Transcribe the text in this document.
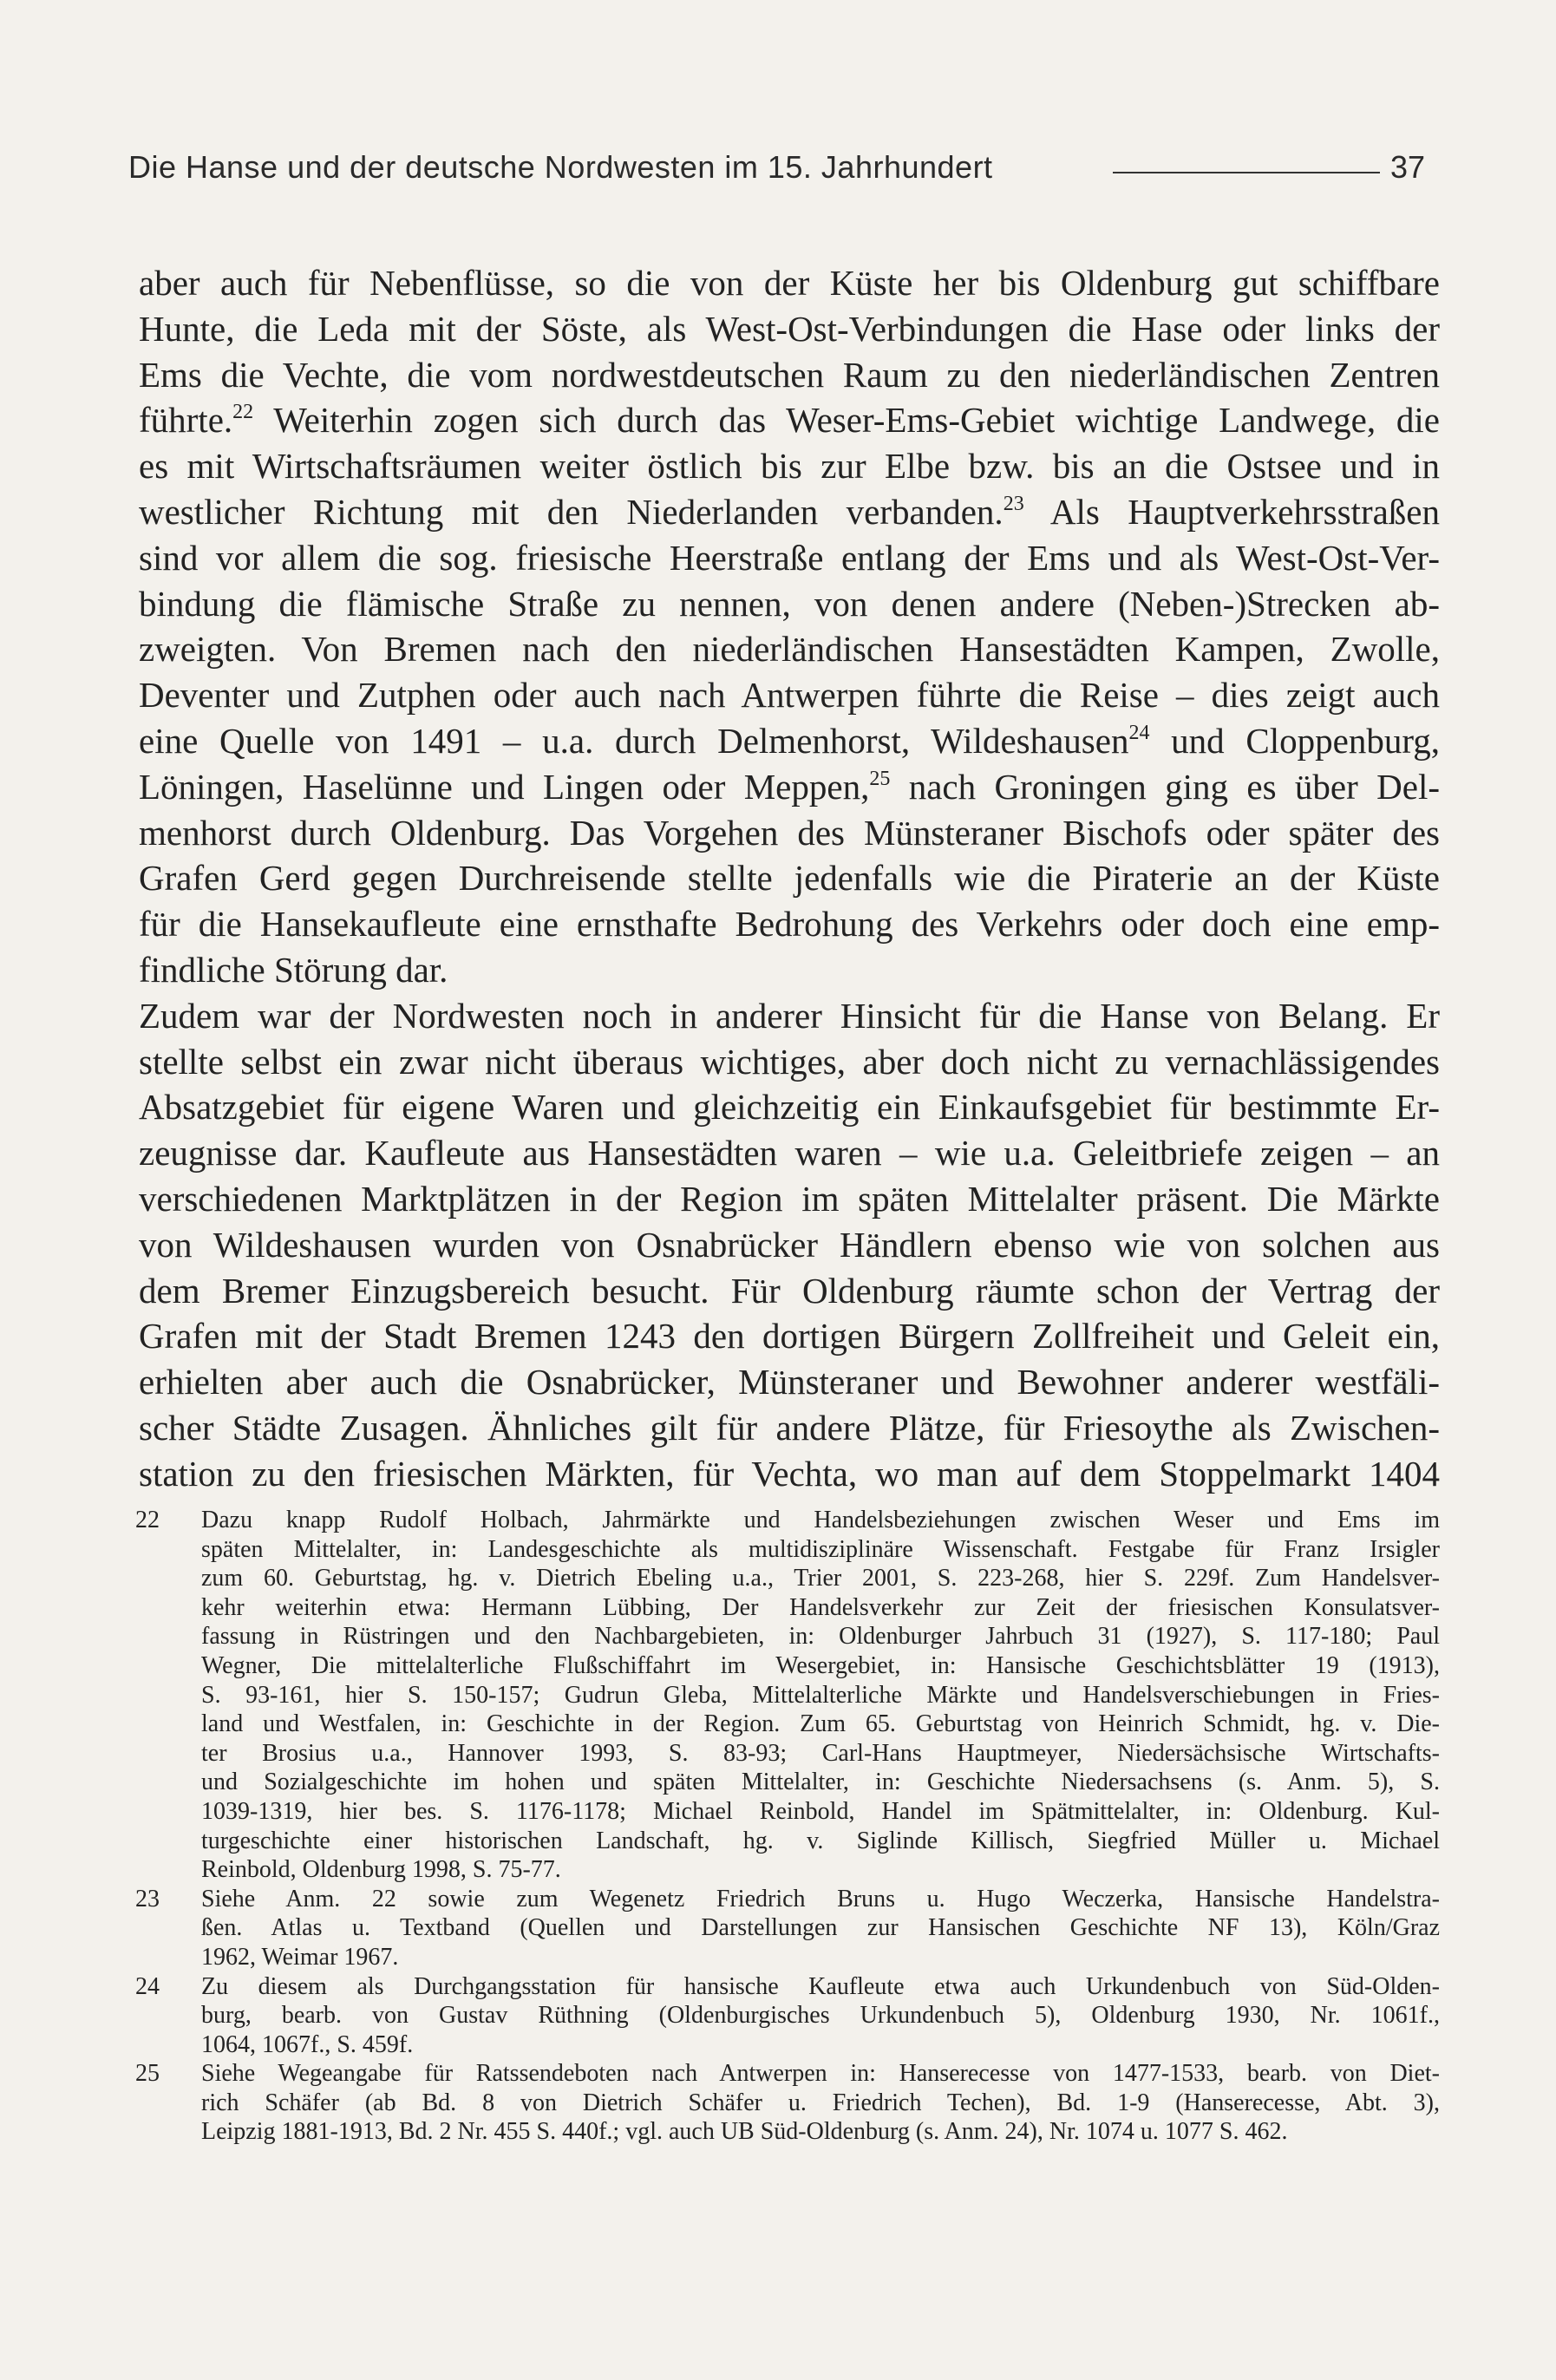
Die Hanse und der deutsche Nordwesten im 15. Jahrhundert	37
aber auch für Nebenflüsse, so die von der Küste her bis Oldenburg gut schiffbare
Hunte, die Leda mit der Söste, als West-Ost-Verbindungen die Hase oder links der
Ems die Vechte, die vom nordwestdeutschen Raum zu den niederländischen Zentren
führte.$^{22}$ Weiterhin zogen sich durch das Weser-Ems-Gebiet wichtige Landwege, die
es mit Wirtschaftsräumen weiter östlich bis zur Elbe bzw. bis an die Ostsee und in
westlicher Richtung mit den Niederlanden verbanden.$^{23}$ Als Hauptverkehrsstraßen
sind vor allem die sog. friesische Heerstraße entlang der Ems und als West-Ost-Ver-
bindung die flämische Straße zu nennen, von denen andere (Neben-)Strecken ab-
zweigten. Von Bremen nach den niederländischen Hansestädten Kampen, Zwolle,
Deventer und Zutphen oder auch nach Antwerpen führte die Reise – dies zeigt auch
eine Quelle von 1491 – u.a. durch Delmenhorst, Wildeshausen$^{24}$ und Cloppenburg,
Löningen, Haselünne und Lingen oder Meppen,$^{25}$ nach Groningen ging es über Del-
menhorst durch Oldenburg. Das Vorgehen des Münsteraner Bischofs oder später des
Grafen Gerd gegen Durchreisende stellte jedenfalls wie die Piraterie an der Küste
für die Hansekaufleute eine ernsthafte Bedrohung des Verkehrs oder doch eine emp-
findliche Störung dar.
Zudem war der Nordwesten noch in anderer Hinsicht für die Hanse von Belang. Er
stellte selbst ein zwar nicht überaus wichtiges, aber doch nicht zu vernachlässigendes
Absatzgebiet für eigene Waren und gleichzeitig ein Einkaufsgebiet für bestimmte Er-
zeugnisse dar. Kaufleute aus Hansestädten waren – wie u.a. Geleitbriefe zeigen – an
verschiedenen Marktplätzen in der Region im späten Mittelalter präsent. Die Märkte
von Wildeshausen wurden von Osnabrücker Händlern ebenso wie von solchen aus
dem Bremer Einzugsbereich besucht. Für Oldenburg räumte schon der Vertrag der
Grafen mit der Stadt Bremen 1243 den dortigen Bürgern Zollfreiheit und Geleit ein,
erhielten aber auch die Osnabrücker, Münsteraner und Bewohner anderer westfäli-
scher Städte Zusagen. Ähnliches gilt für andere Plätze, für Friesoythe als Zwischen-
station zu den friesischen Märkten, für Vechta, wo man auf dem Stoppelmarkt 1404
22 Dazu knapp Rudolf Holbach, Jahrmärkte und Handelsbeziehungen zwischen Weser und Ems im
späten Mittelalter, in: Landesgeschichte als multidisziplinäre Wissenschaft. Festgabe für Franz Irsigler
zum 60. Geburtstag, hg. v. Dietrich Ebeling u.a., Trier 2001, S. 223-268, hier S. 229f. Zum Handelsver-
kehr weiterhin etwa: Hermann Lübbing, Der Handelsverkehr zur Zeit der friesischen Konsulatsver-
fassung in Rüstringen und den Nachbargebieten, in: Oldenburger Jahrbuch 31 (1927), S. 117-180; Paul
Wegner, Die mittelalterliche Flußschiffahrt im Wesergebiet, in: Hansische Geschichtsblätter 19 (1913),
S. 93-161, hier S. 150-157; Gudrun Gleba, Mittelalterliche Märkte und Handelsverschiebungen in Fries-
land und Westfalen, in: Geschichte in der Region. Zum 65. Geburtstag von Heinrich Schmidt, hg. v. Die-
ter Brosius u.a., Hannover 1993, S. 83-93; Carl-Hans Hauptmeyer, Niedersächsische Wirtschafts-
und Sozialgeschichte im hohen und späten Mittelalter, in: Geschichte Niedersachsens (s. Anm. 5), S.
1039-1319, hier bes. S. 1176-1178; Michael Reinbold, Handel im Spätmittelalter, in: Oldenburg. Kul-
turgeschichte einer historischen Landschaft, hg. v. Siglinde Killisch, Siegfried Müller u. Michael
Reinbold, Oldenburg 1998, S. 75-77.
23 Siehe Anm. 22 sowie zum Wegenetz Friedrich Bruns u. Hugo Weczerka, Hansische Handelstra-
ßen. Atlas u. Textband (Quellen und Darstellungen zur Hansischen Geschichte NF 13), Köln/Graz
1962, Weimar 1967.
24 Zu diesem als Durchgangsstation für hansische Kaufleute etwa auch Urkundenbuch von Süd-Olden-
burg, bearb. von Gustav Rüthning (Oldenburgisches Urkundenbuch 5), Oldenburg 1930, Nr. 1061f.,
1064, 1067f., S. 459f.
25 Siehe Wegeangabe für Ratssendeboten nach Antwerpen in: Hanserecesse von 1477-1533, bearb. von Diet-
rich Schäfer (ab Bd. 8 von Dietrich Schäfer u. Friedrich Techen), Bd. 1-9 (Hanserecesse, Abt. 3),
Leipzig 1881-1913, Bd. 2 Nr. 455 S. 440f.; vgl. auch UB Süd-Oldenburg (s. Anm. 24), Nr. 1074 u. 1077 S. 462.
